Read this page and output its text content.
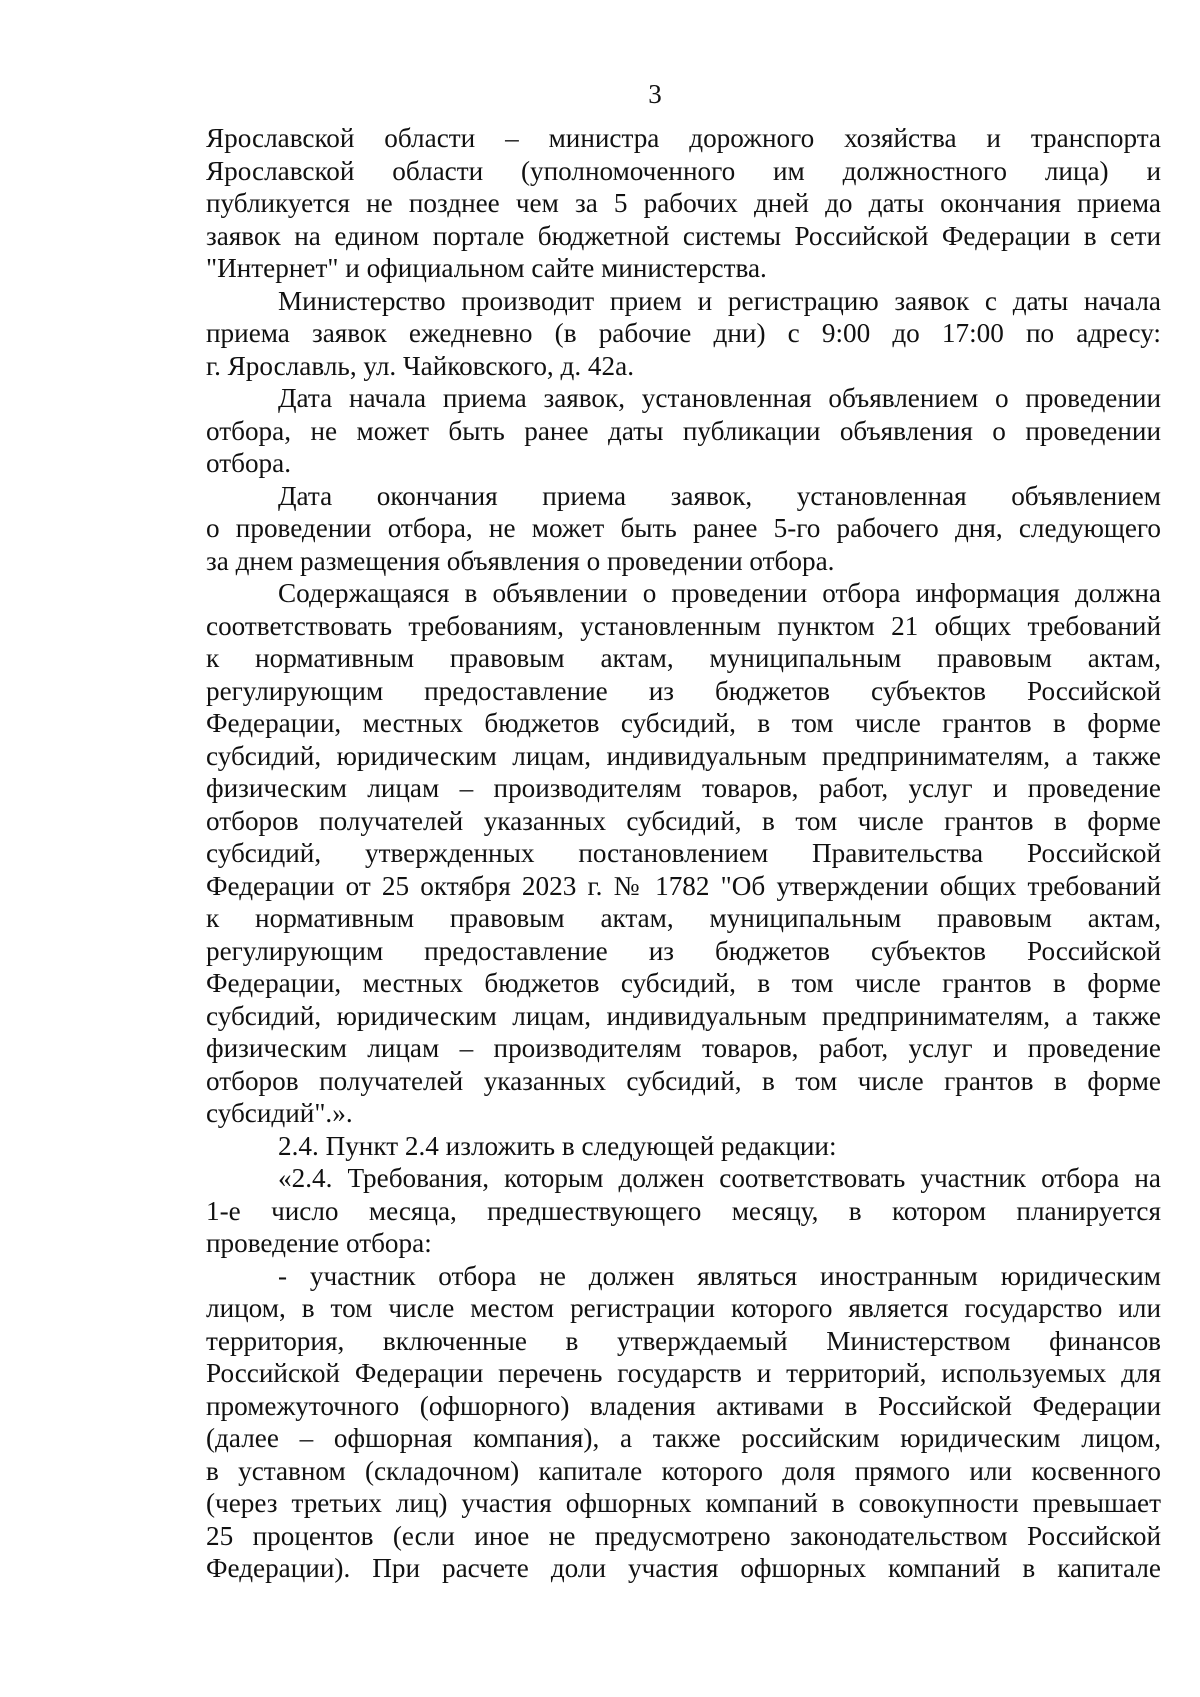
3
Ярославской области – министра дорожного хозяйства и транспорта
Ярославской области (уполномоченного им должностного лица) и
публикуется не позднее чем за 5 рабочих дней до даты окончания приема
заявок на едином портале бюджетной системы Российской Федерации в сети
"Интернет" и официальном сайте министерства.
Министерство производит прием и регистрацию заявок с даты начала
приема заявок ежедневно (в рабочие дни) с 9:00 до 17:00 по адресу:
г. Ярославль, ул. Чайковского, д. 42а.
Дата начала приема заявок, установленная объявлением о проведении
отбора, не может быть ранее даты публикации объявления о проведении
отбора.
Дата окончания приема заявок, установленная объявлением
о проведении отбора, не может быть ранее 5-го рабочего дня, следующего
за днем размещения объявления о проведении отбора.
Содержащаяся в объявлении о проведении отбора информация должна
соответствовать требованиям, установленным пунктом 21 общих требований
к нормативным правовым актам, муниципальным правовым актам,
регулирующим предоставление из бюджетов субъектов Российской
Федерации, местных бюджетов субсидий, в том числе грантов в форме
субсидий, юридическим лицам, индивидуальным предпринимателям, а также
физическим лицам – производителям товаров, работ, услуг и проведение
отборов получателей указанных субсидий, в том числе грантов в форме
субсидий, утвержденных постановлением Правительства Российской
Федерации от 25 октября 2023 г. № 1782 "Об утверждении общих требований
к нормативным правовым актам, муниципальным правовым актам,
регулирующим предоставление из бюджетов субъектов Российской
Федерации, местных бюджетов субсидий, в том числе грантов в форме
субсидий, юридическим лицам, индивидуальным предпринимателям, а также
физическим лицам – производителям товаров, работ, услуг и проведение
отборов получателей указанных субсидий, в том числе грантов в форме
субсидий".».
2.4. Пункт 2.4 изложить в следующей редакции:
«2.4. Требования, которым должен соответствовать участник отбора на
1-е число месяца, предшествующего месяцу, в котором планируется
проведение отбора:
- участник отбора не должен являться иностранным юридическим
лицом, в том числе местом регистрации которого является государство или
территория, включенные в утверждаемый Министерством финансов
Российской Федерации перечень государств и территорий, используемых для
промежуточного (офшорного) владения активами в Российской Федерации
(далее – офшорная компания), а также российским юридическим лицом,
в уставном (складочном) капитале которого доля прямого или косвенного
(через третьих лиц) участия офшорных компаний в совокупности превышает
25 процентов (если иное не предусмотрено законодательством Российской
Федерации). При расчете доли участия офшорных компаний в капитале
